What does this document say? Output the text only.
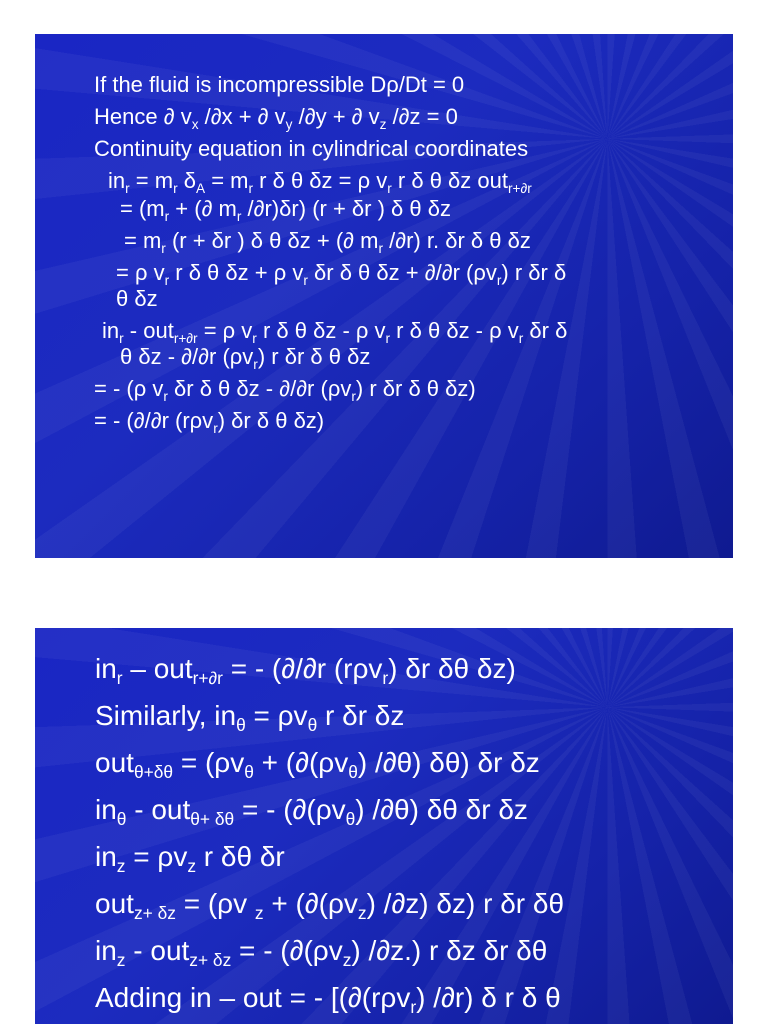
If the fluid is incompressible Dρ/Dt = 0
Hence ∂ $v_x$ /∂x + ∂ $v_y$ /∂y + ∂ $v_z$ /∂z = 0
Continuity equation in cylindrical coordinates
$in_r = m_r$ $\delta_A = m_r$ r δ θ δz = ρ $v_r$ r δ θ δz out$_{r+\partial r}$
= ($m_r$ + (∂ $m_r$ /∂r)δr) (r + δr ) δ θ δz
= $m_r$ (r + δr ) δ θ δz + (∂ $m_r$ /∂r) r. δr δ θ δz
= ρ $v_r$ r δ θ δz + ρ $v_r$ δr δ θ δz + ∂/∂r $(\rho v_r)$ r δr δ
θ δz
$in_r - out_{r+\partial r} = \rho$ $v_r$ r δ θ δz - ρ $v_r$ r δ θ δz - ρ $v_r$ δr δ
θ δz - ∂/∂r $(\rho v_r)$ r δr δ θ δz
= - (ρ $v_r$ δr δ θ δz - ∂/∂r $(\rho v_r)$ r δr δ θ δz)
= - (∂/∂r (rρv$_r$) δr δ θ δz)
$in_r - out_{r+\partial r}$ = - (∂/∂r (rρv$_r$) δr δθ δz)
Similarly, $in_\theta = \rho v_\theta$ r δr δz
$out_{\theta+\delta\theta} = (\rho v_\theta + (\partial(\rho v_\theta)$ /∂θ) δθ) δr δz
$in_\theta - out_{\theta+ \delta\theta}$ = - ($\partial(\rho v_\theta)$ /∂θ) δθ δr δz
$in_z = \rho v_z$ r δθ δr
out$_{z+ \delta z}$ = (ρv $_z + (\partial(\rho v_z)$ /∂z) δz) r δr δθ
$in_z - out_{z+ \delta z}$ = - ($\partial(\rho v_z)$ /∂z.) r δz δr δθ
Adding in – out = - [(∂(rρv$_r$) /∂r) δ r δ θ
